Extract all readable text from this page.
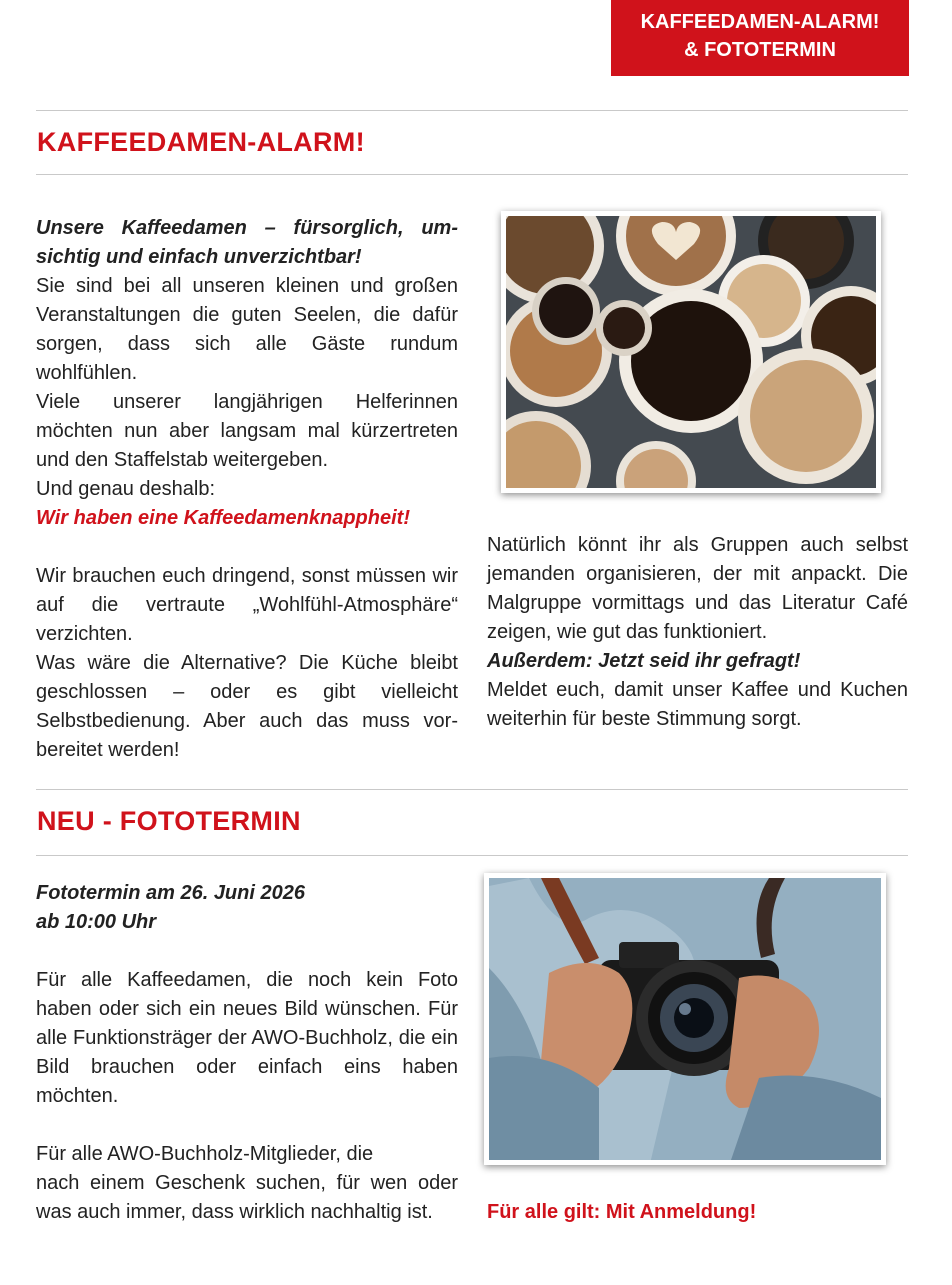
KAFFEEDAMEN-ALARM!
& FOTOTERMIN
KAFFEEDAMEN-ALARM!

Unsere Kaffeedamen – fürsorglich, umsichtig und einfach unverzichtbar!

Sie sind bei all unseren kleinen und großen Veranstaltungen die guten Seelen, die dafür sorgen, dass sich alle Gäste rundum wohlfühlen.

Viele unserer langjährigen Helferinnen möchten nun aber langsam mal kürzertreten und den Staffelstab weitergeben.

Und genau deshalb:

Wir haben eine Kaffeedamenknappheit!

Wir brauchen euch dringend, sonst müssen wir auf die vertraute „Wohlfühl-Atmosphäre“ verzichten.

Was wäre die Alternative? Die Küche bleibt geschlossen – oder es gibt vielleicht Selbstbedienung. Aber auch das muss vorbereitet werden!

Natürlich könnt ihr als Gruppen auch selbst jemanden organisieren, der mit anpackt. Die Malgruppe vormittags und das Literatur Café zeigen, wie gut das funktioniert.

Außerdem: Jetzt seid ihr gefragt!

Meldet euch, damit unser Kaffee und Kuchen weiterhin für beste Stimmung sorgt.

NEU - FOTOTERMIN

Fototermin am 26. Juni 2026

ab 10:00 Uhr

Für alle Kaffeedamen, die noch kein Foto haben oder sich ein neues Bild wünschen. Für alle Funktionsträger der AWO-Buchholz, die ein Bild brauchen oder einfach eins haben möchten.

Für alle AWO-Buchholz-Mitglieder, die

nach einem Geschenk suchen, für wen oder was auch immer, dass wirklich nachhaltig ist.	Für alle gilt: Mit Anmeldung!
